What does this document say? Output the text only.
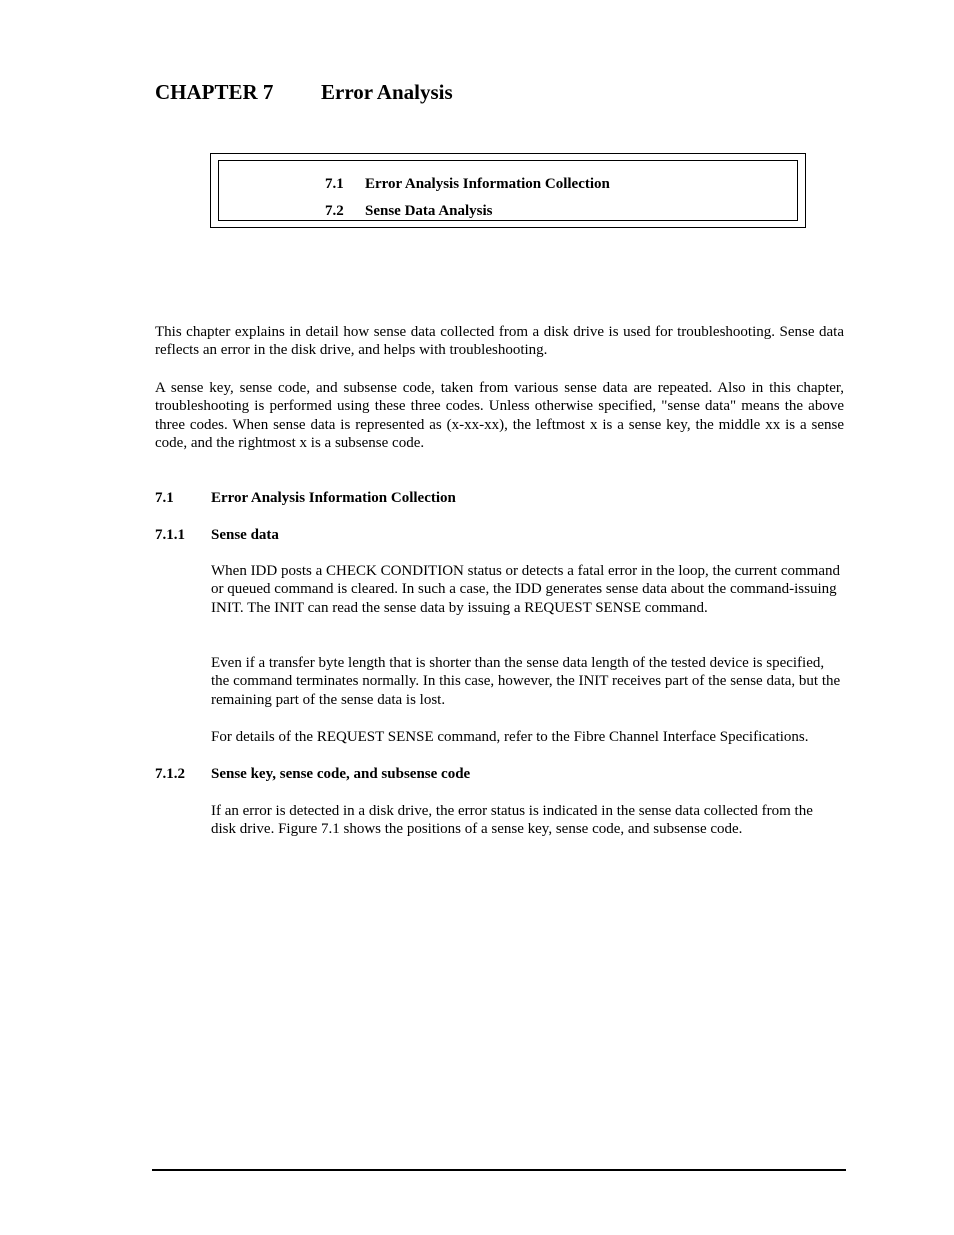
CHAPTER 7 Error Analysis
7.1 Error Analysis Information Collection
7.2 Sense Data Analysis

This chapter explains in detail how sense data collected from a disk drive is used for troubleshooting. Sense data reflects an error in the disk drive, and helps with troubleshooting.

A sense key, sense code, and subsense code, taken from various sense data are repeated. Also in this chapter, troubleshooting is performed using these three codes. Unless otherwise specified, "sense data" means the above three codes. When sense data is represented as (x-xx-xx), the leftmost x is a sense key, the middle xx is a sense code, and the rightmost x is a subsense code.

7.1 Error Analysis Information Collection
7.1.1 Sense data

When IDD posts a CHECK CONDITION status or detects a fatal error in the loop, the current command or queued command is cleared. In such a case, the IDD generates sense data about the command-issuing INIT. The INIT can read the sense data by issuing a REQUEST SENSE command.

Even if a transfer byte length that is shorter than the sense data length of the tested device is specified, the command terminates normally. In this case, however, the INIT receives part of the sense data, but the remaining part of the sense data is lost.

For details of the REQUEST SENSE command, refer to the Fibre Channel Interface Specifications.

7.1.2 Sense key, sense code, and subsense code

If an error is detected in a disk drive, the error status is indicated in the sense data collected from the disk drive. Figure 7.1 shows the positions of a sense key, sense code, and subsense code.
